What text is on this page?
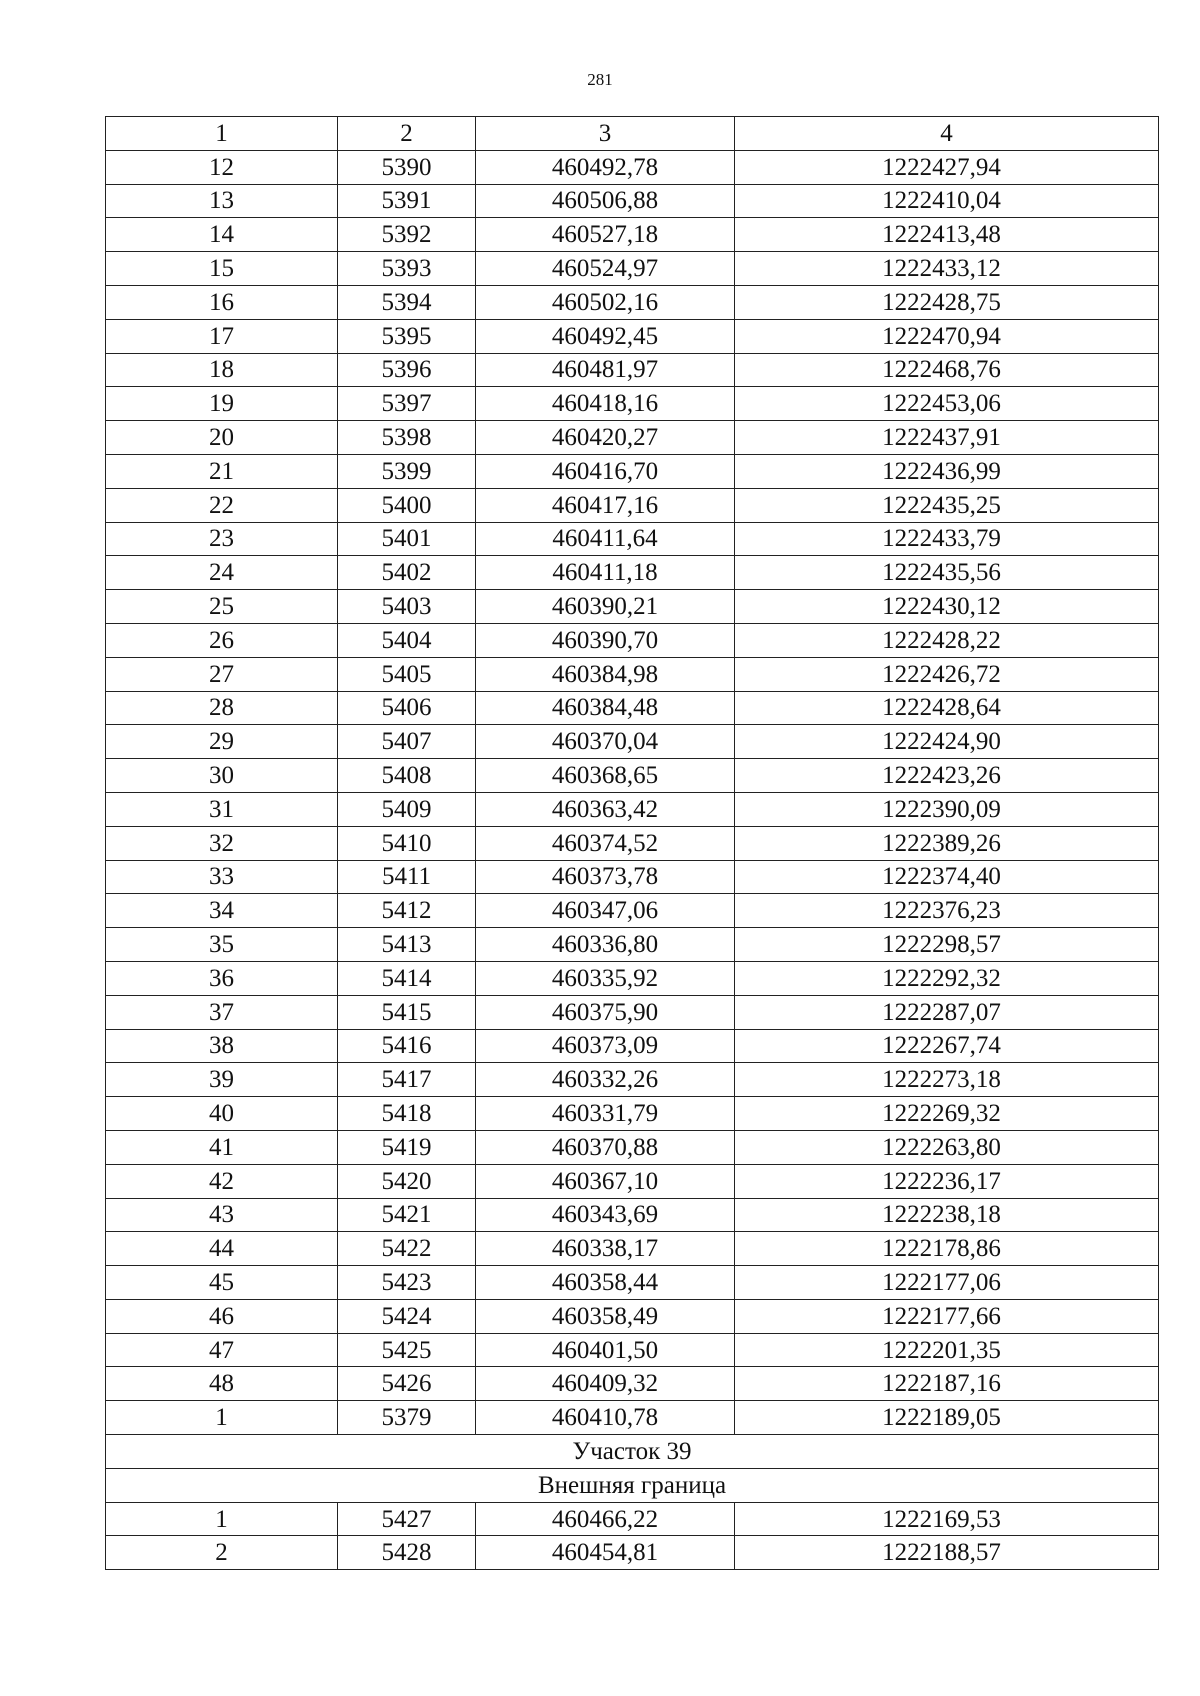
281
1	2	3	4
12	5390	460492,78	1222427,94
13	5391	460506,88	1222410,04
14	5392	460527,18	1222413,48
15	5393	460524,97	1222433,12
16	5394	460502,16	1222428,75
17	5395	460492,45	1222470,94
18	5396	460481,97	1222468,76
19	5397	460418,16	1222453,06
20	5398	460420,27	1222437,91
21	5399	460416,70	1222436,99
22	5400	460417,16	1222435,25
23	5401	460411,64	1222433,79
24	5402	460411,18	1222435,56
25	5403	460390,21	1222430,12
26	5404	460390,70	1222428,22
27	5405	460384,98	1222426,72
28	5406	460384,48	1222428,64
29	5407	460370,04	1222424,90
30	5408	460368,65	1222423,26
31	5409	460363,42	1222390,09
32	5410	460374,52	1222389,26
33	5411	460373,78	1222374,40
34	5412	460347,06	1222376,23
35	5413	460336,80	1222298,57
36	5414	460335,92	1222292,32
37	5415	460375,90	1222287,07
38	5416	460373,09	1222267,74
39	5417	460332,26	1222273,18
40	5418	460331,79	1222269,32
41	5419	460370,88	1222263,80
42	5420	460367,10	1222236,17
43	5421	460343,69	1222238,18
44	5422	460338,17	1222178,86
45	5423	460358,44	1222177,06
46	5424	460358,49	1222177,66
47	5425	460401,50	1222201,35
48	5426	460409,32	1222187,16
1	5379	460410,78	1222189,05
Участок 39			
Внешняя граница			
1	5427	460466,22	1222169,53
2	5428	460454,81	1222188,57
